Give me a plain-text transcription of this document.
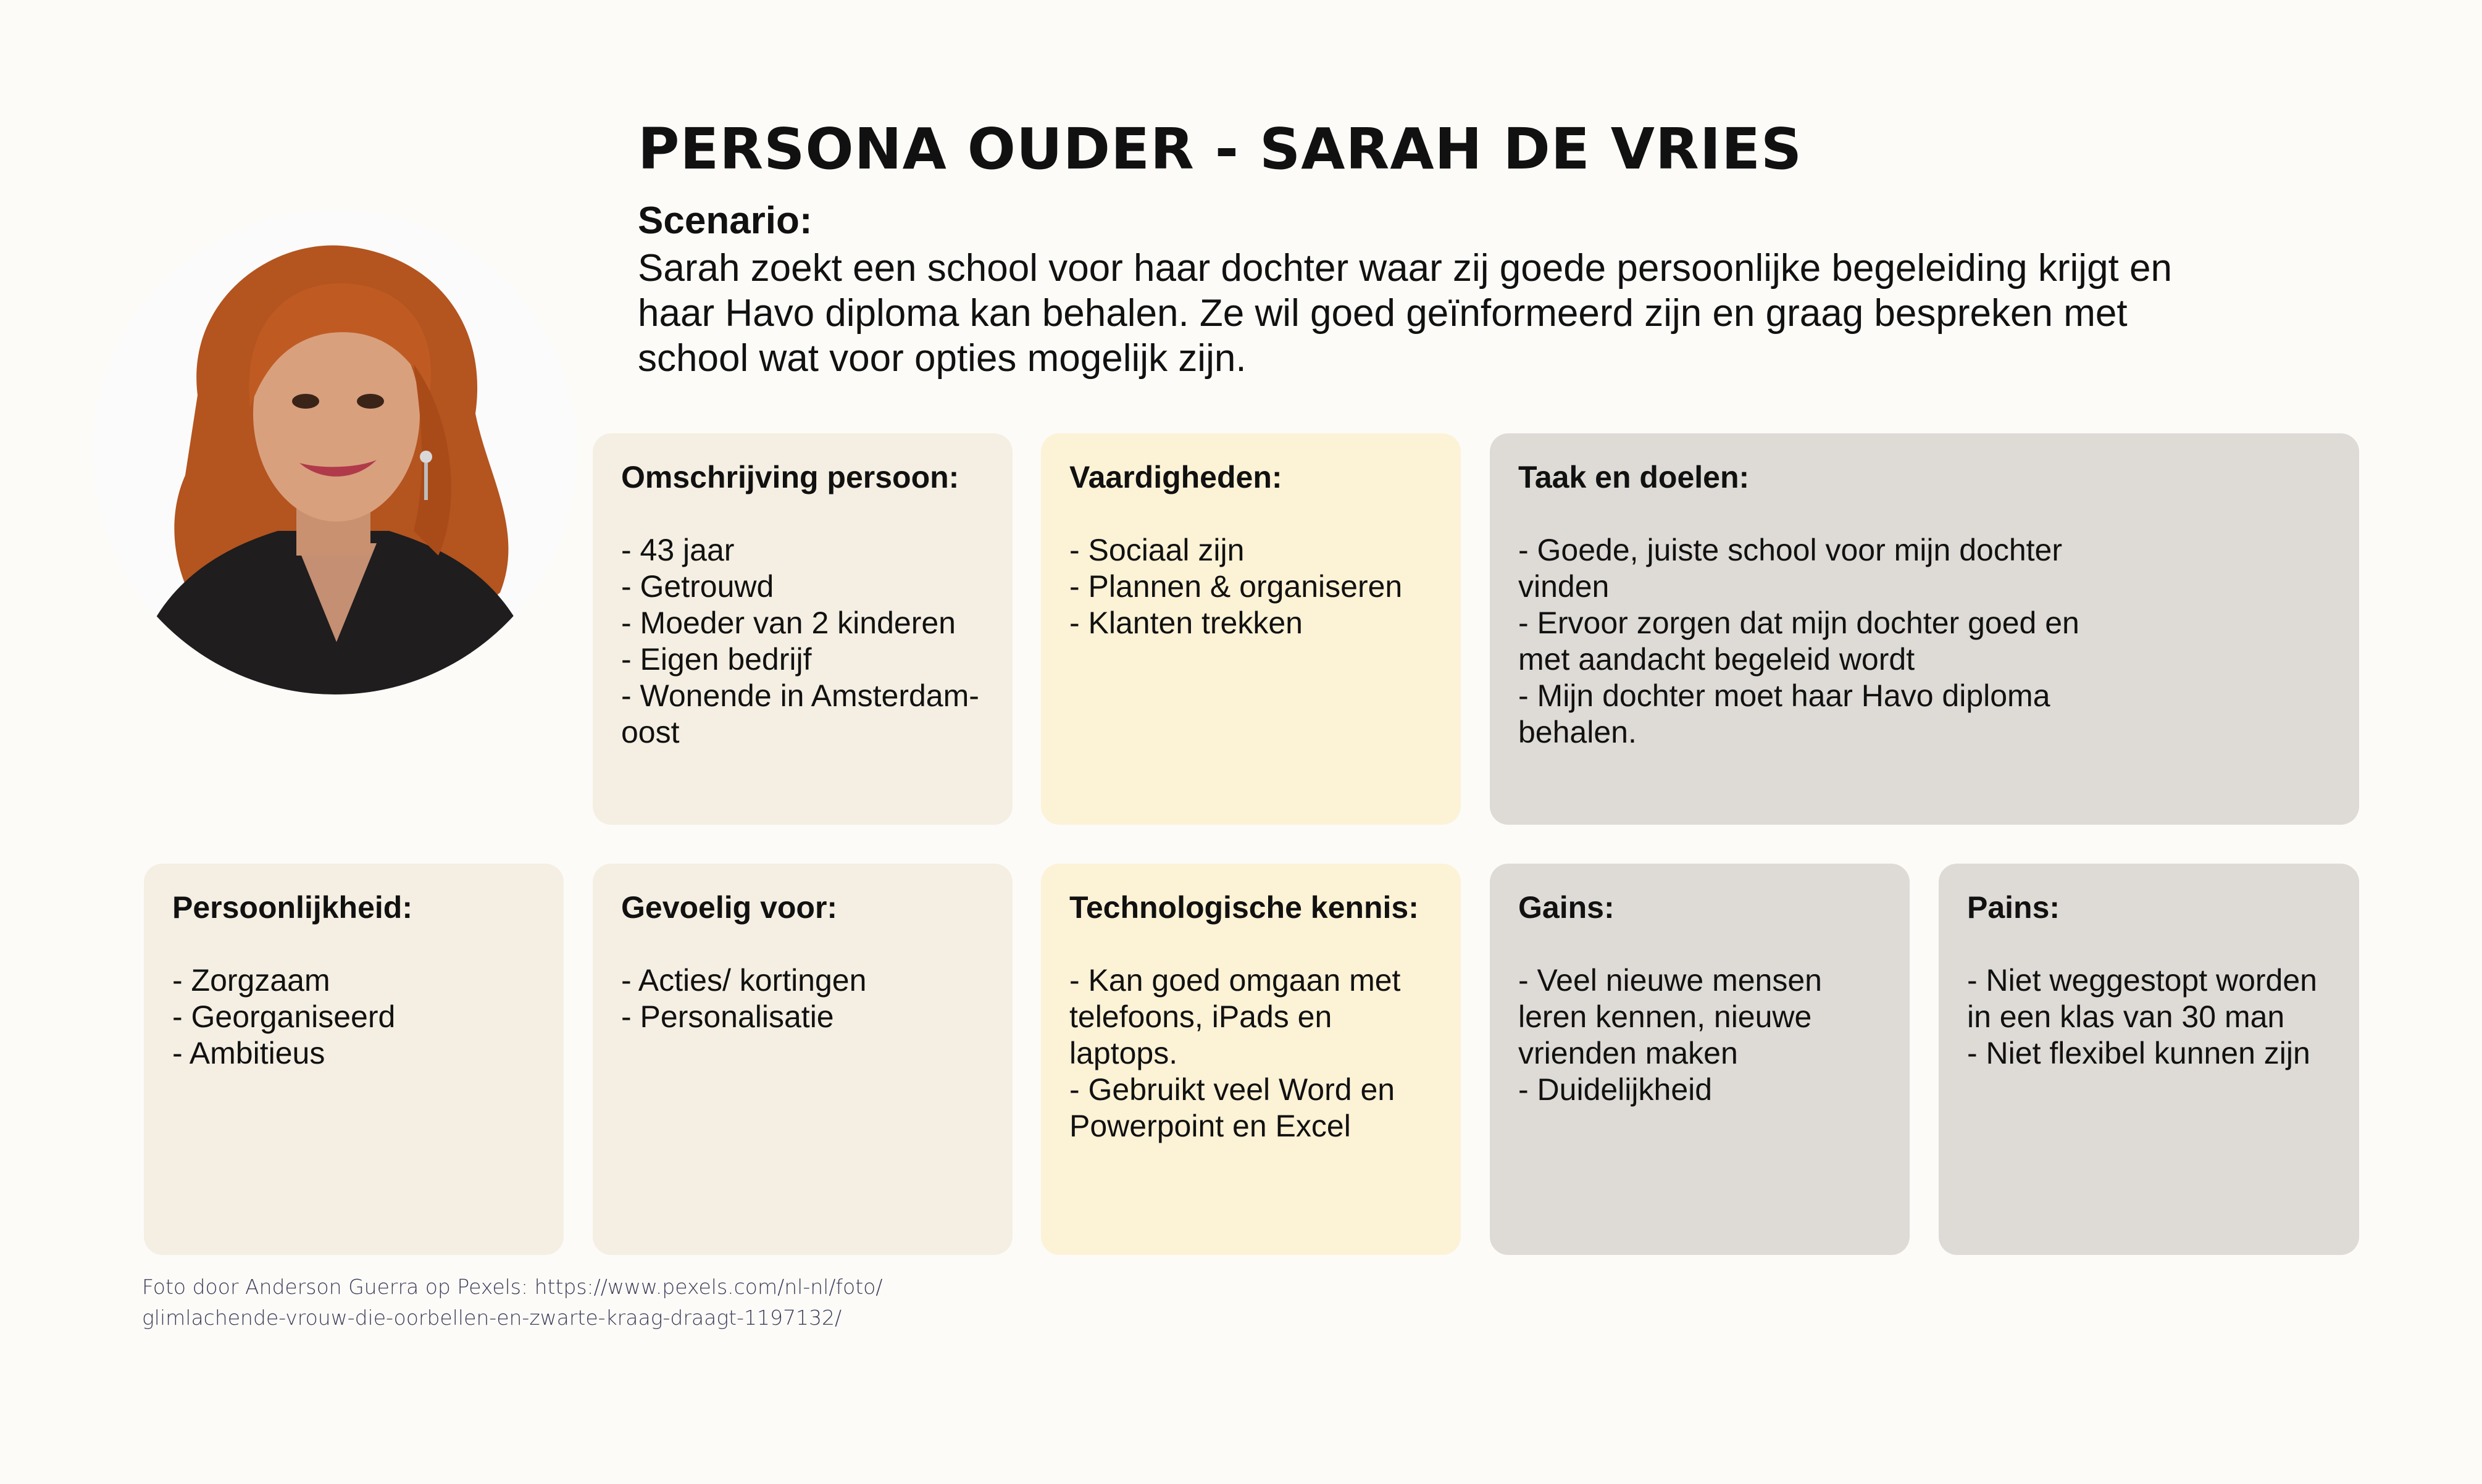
PERSONA OUDER - SARAH DE VRIES
Scenario:
Sarah zoekt een school voor haar dochter waar zij goede persoonlijke begeleiding krijgt en haar Havo diploma kan behalen. Ze wil goed geïnformeerd zijn en graag bespreken met school wat voor opties mogelijk zijn.
Omschrijving persoon:
- 43 jaar
- Getrouwd
- Moeder van 2 kinderen
- Eigen bedrijf
- Wonende in Amsterdam-oost
Vaardigheden:
- Sociaal zijn
- Plannen & organiseren
- Klanten trekken
Taak en doelen:
- Goede, juiste school voor mijn dochter vinden
- Ervoor zorgen dat mijn dochter goed en met aandacht begeleid wordt
- Mijn dochter moet haar Havo diploma behalen.
Persoonlijkheid:
- Zorgzaam
- Georganiseerd
- Ambitieus
Gevoelig voor:
- Acties/ kortingen
- Personalisatie
Technologische kennis:
- Kan goed omgaan met telefoons, iPads en laptops.
- Gebruikt veel Word en Powerpoint en Excel
Gains:
- Veel nieuwe mensen leren kennen, nieuwe vrienden maken
- Duidelijkheid
Pains:
- Niet weggestopt worden in een klas van 30 man
- Niet flexibel kunnen zijn
Foto door Anderson Guerra op Pexels: https://www.pexels.com/nl-nl/foto/
glimlachende-vrouw-die-oorbellen-en-zwarte-kraag-draagt-1197132/
